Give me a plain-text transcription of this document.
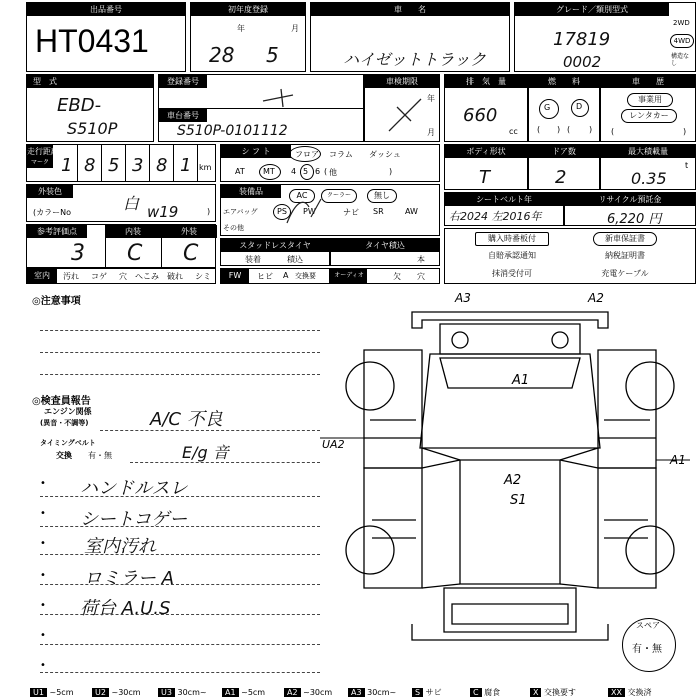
出品番号
HT0431
初年度登録
年	月
28 5
車　　名
ハイゼットトラック
グレード／類別型式
17819
0002
2WD
4WD
構造なし
型　式
EBD-
S510P
登録番号
車台番号
S510P-0101112
車検期限
年
月
排　気　量
660
cc
燃　　料
G	D
( ) ( )
車　　歴
事業用
レンタカー
(	)
走行距離
マーク 1 8 5 3 8 1 km
シ フ ト	フロア コラム ダッシュ
AT MT 4 5 6 ( 他	)
ボディ形状
T
ドア数
2
最大積載量
0.35
t
外装色
白
(カラーNo	w19	)
装備品	AC	クーラー	無し
エアバッグ PS PW	ナビ SR	AW
その他
シートベルト年
右2024 左2016年
リサイクル預託金
6,220 円
参考評価点	内装	外装
3 C C	スタッドレスタイヤ
装着	積込
タイヤ積込
本
購入時番板付	新車保証書
自賠承認通知	納税証明書
抹消受付可	充電ケーブル
室内	汚れ コゲ 穴 へこみ 破れ シミ	FW	ヒビ A 交換要	オーディオ	欠 穴
◎注意事項
◎検査員報告
エンジン関係
(異音・不調等)	A/C 不良
タイミングベルト
交換 有・無	E/g 音
• ハンドルスレ
• シートコゲー
• 室内汚れ
• ロミラー A
• 荷台 A.U.S
•
•
A3	A2
A1
UA2
A1
A2
S1
スペア
有・無
U1 ~5cm	U2 ~30cm	U3 30cm~	A1 ~5cm	A2 ~30cm	A3 30cm~	S サビ	C 腐食	X 交換要す	XX 交換済
